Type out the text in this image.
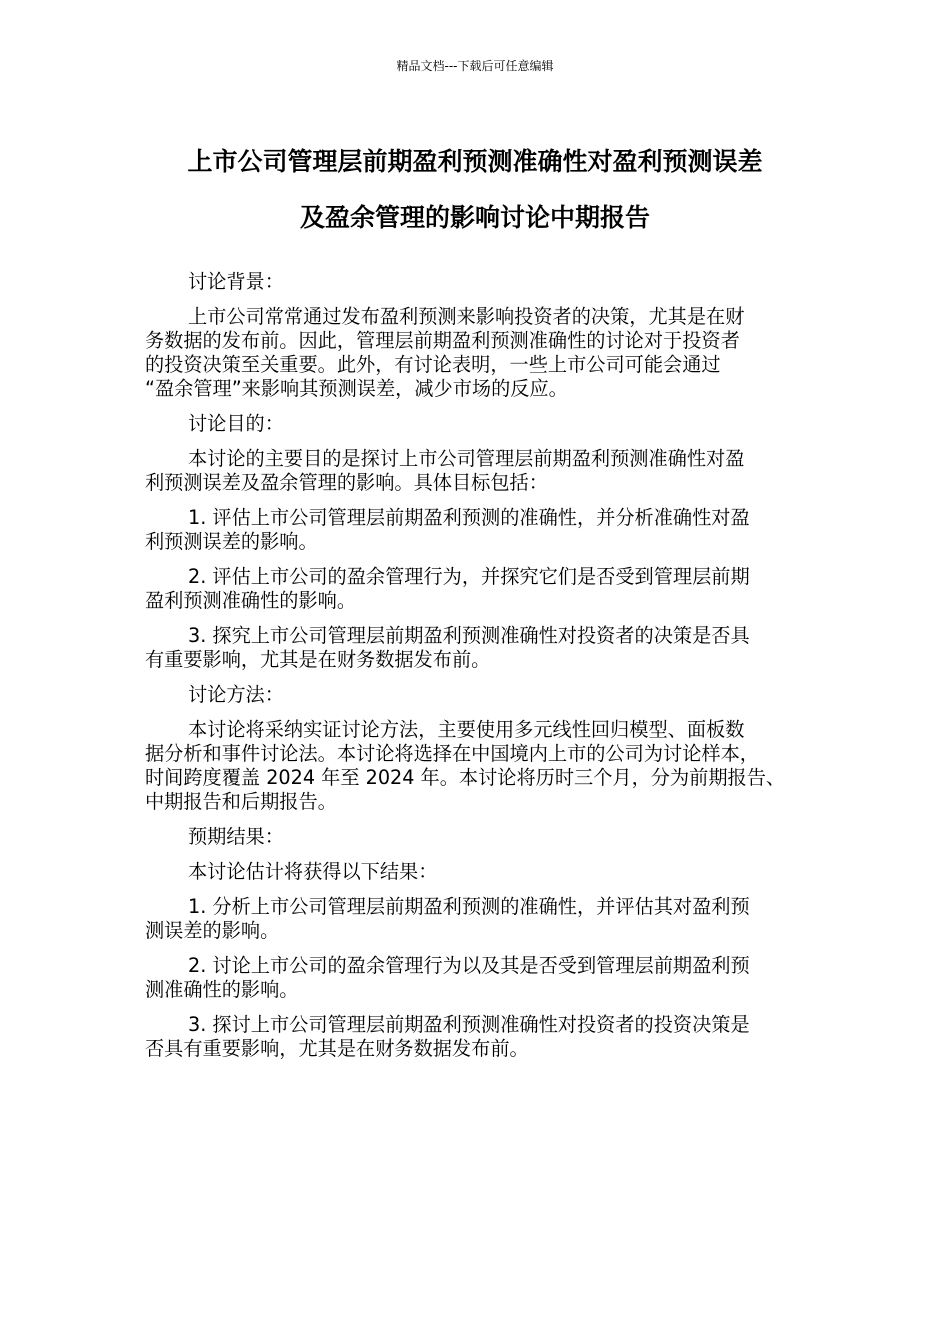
精品文档---下载后可任意编辑
上市公司管理层前期盈利预测准确性对盈利预测误差
及盈余管理的影响讨论中期报告

讨论背景：

上市公司常常通过发布盈利预测来影响投资者的决策，尤其是在财
务数据的发布前。因此，管理层前期盈利预测准确性的讨论对于投资者
的投资决策至关重要。此外，有讨论表明，一些上市公司可能会通过
“盈余管理”来影响其预测误差，减少市场的反应。

讨论目的：

本讨论的主要目的是探讨上市公司管理层前期盈利预测准确性对盈
利预测误差及盈余管理的影响。具体目标包括：

1. 评估上市公司管理层前期盈利预测的准确性，并分析准确性对盈
利预测误差的影响。

2. 评估上市公司的盈余管理行为，并探究它们是否受到管理层前期
盈利预测准确性的影响。

3. 探究上市公司管理层前期盈利预测准确性对投资者的决策是否具
有重要影响，尤其是在财务数据发布前。

讨论方法：

本讨论将采纳实证讨论方法，主要使用多元线性回归模型、面板数
据分析和事件讨论法。本讨论将选择在中国境内上市的公司为讨论样本，
时间跨度覆盖 2024 年至 2024 年。本讨论将历时三个月，分为前期报告、
中期报告和后期报告。

预期结果：

本讨论估计将获得以下结果：

1. 分析上市公司管理层前期盈利预测的准确性，并评估其对盈利预
测误差的影响。

2. 讨论上市公司的盈余管理行为以及其是否受到管理层前期盈利预
测准确性的影响。

3. 探讨上市公司管理层前期盈利预测准确性对投资者的投资决策是
否具有重要影响，尤其是在财务数据发布前。
